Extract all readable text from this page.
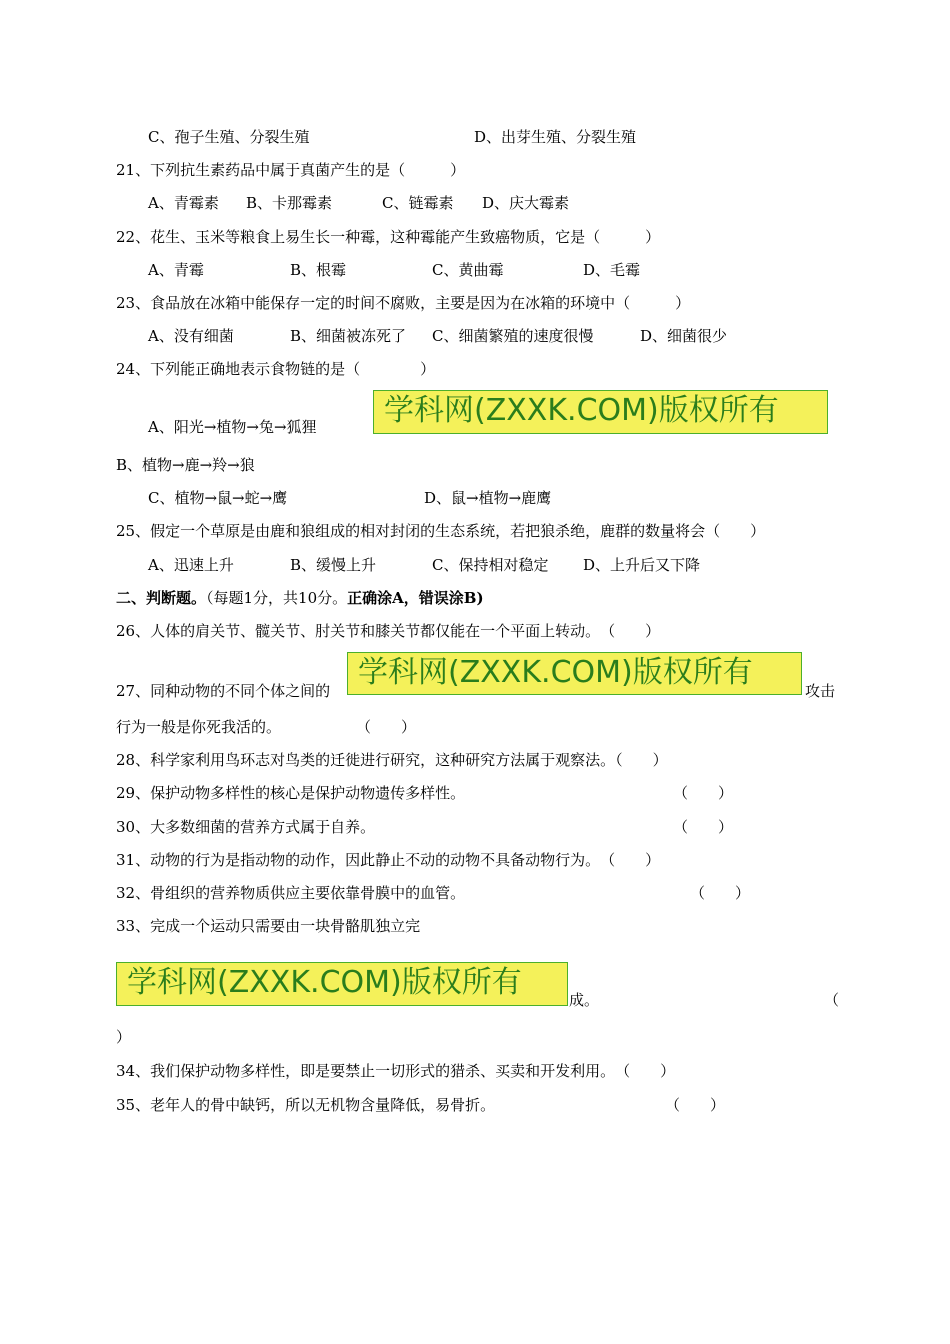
C、孢子生殖、分裂生殖	D、出芽生殖、分裂生殖
21、下列抗生素药品中属于真菌产生的是（　　　）
A、青霉素 B、卡那霉素	C、链霉素 D、庆大霉素
22、花生、玉米等粮食上易生长一种霉，这种霉能产生致癌物质，它是（　　　）
A、青霉	B、根霉	C、黄曲霉	D、毛霉
23、食品放在冰箱中能保存一定的时间不腐败，主要是因为在冰箱的环境中（　　　）
A、没有细菌	B、细菌被冻死了 C、细菌繁殖的速度很慢	D、细菌很少
24、下列能正确地表示食物链的是（　　　　）
学科网(ZXXK.COM)版权所有
A、阳光→植物→兔→狐狸
B、植物→鹿→羚→狼
C、植物→鼠→蛇→鹰	D、鼠→植物→鹿鹰
25、假定一个草原是由鹿和狼组成的相对封闭的生态系统，若把狼杀绝，鹿群的数量将会（　　）
A、迅速上升	B、缓慢上升	C、保持相对稳定 D、上升后又下降
二、判断题。（每题1分，共10分。正确涂A，错误涂B)
26、人体的肩关节、髋关节、肘关节和膝关节都仅能在一个平面上转动。　（　　）
27、同种动物的不同个体之间的
学科网(ZXXK.COM)版权所有
攻击
行为一般是你死我活的。　　　　　　（　　）
28、科学家利用鸟环志对鸟类的迁徙进行研究，这种研究方法属于观察法。（　　）
29、保护动物多样性的核心是保护动物遗传多样性。	（　　）
30、大多数细菌的营养方式属于自养。	（　　）
31、动物的行为是指动物的动作，因此静止不动的动物不具备动物行为。　（　　）
32、骨组织的营养物质供应主要依靠骨膜中的血管。	（　　）
33、完成一个运动只需要由一块骨骼肌独立完
学科网(ZXXK.COM)版权所有	成。	（
）
34、我们保护动物多样性，即是要禁止一切形式的猎杀、买卖和开发利用。　（　　）
35、老年人的骨中缺钙，所以无机物含量降低，易骨折。	（　　）
